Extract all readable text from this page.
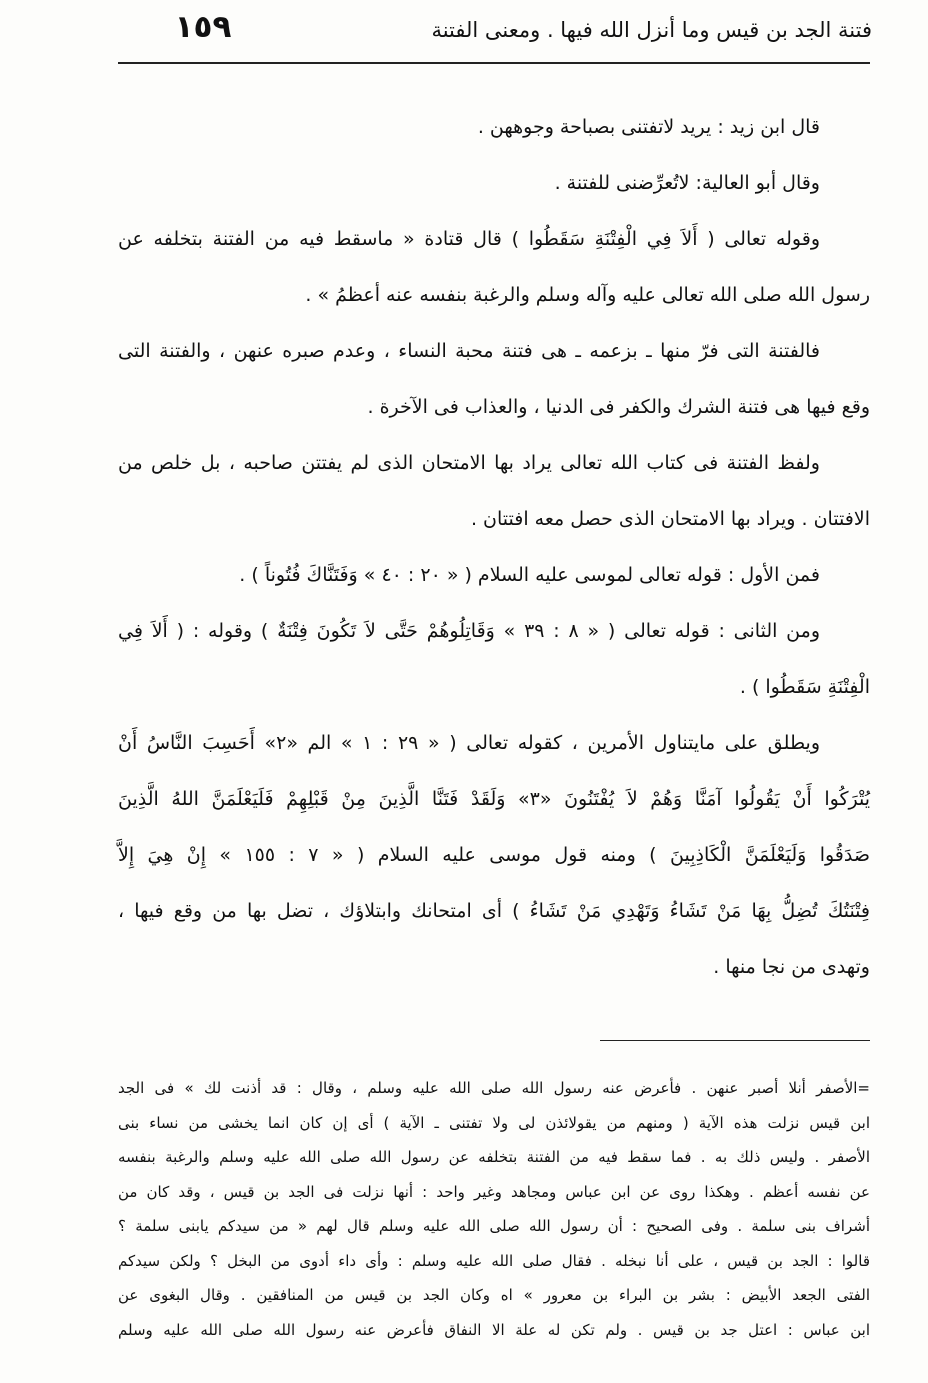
فتنة الجد بن قيس وما أنزل الله فيها . ومعنى الفتنة
١٥٩

قال ابن زيد : يريد لاتفتنى بصباحة وجوههن .

وقال أبو العالية: لاتُعرِّضنى للفتنة .

وقوله تعالى ( أَلاَ فِي الْفِتْنَةِ سَقَطُوا ) قال قتادة « ماسقط فيه من الفتنة بتخلفه عن
رسول الله صلى الله تعالى عليه وآله وسلم والرغبة بنفسه عنه أعظمُ » .

فالفتنة التى فرّ منها ـ بزعمه ـ هى فتنة محبة النساء ، وعدم صبره عنهن ، والفتنة التى
وقع فيها هى فتنة الشرك والكفر فى الدنيا ، والعذاب فى الآخرة .

ولفظ الفتنة فى كتاب الله تعالى يراد بها الامتحان الذى لم يفتتن صاحبه ، بل خلص من
الافتتان . ويراد بها الامتحان الذى حصل معه افتتان .

فمن الأول : قوله تعالى لموسى عليه السلام ( « ٢٠ : ٤٠ » وَفَتَنَّاكَ فُتُوناً ) .

ومن الثانى : قوله تعالى ( « ٨ : ٣٩ » وَقَاتِلُوهُمْ حَتَّى لاَ تَكُونَ فِتْنَةٌ ) وقوله : ( أَلاَ فِي
الْفِتْنَةِ سَقَطُوا ) .

ويطلق على مايتناول الأمرين ، كقوله تعالى ( « ٢٩ : ١ » الم «٢» أَحَسِبَ النَّاسُ أَنْ
يُتْرَكُوا أَنْ يَقُولُوا آمَنَّا وَهُمْ لاَ يُفْتَنُونَ «٣» وَلَقَدْ فَتَنَّا الَّذِينَ مِنْ قَبْلِهِمْ فَلَيَعْلَمَنَّ اللهُ الَّذِينَ
صَدَقُوا وَلَيَعْلَمَنَّ الْكَاذِبِينَ ) ومنه قول موسى عليه السلام ( « ٧ : ١٥٥ » إِنْ هِيَ إِلاَّ
فِتْنَتُكَ تُضِلُّ بِهَا مَنْ تَشَاءُ وَتَهْدِي مَنْ تَشَاءُ ) أى امتحانك وابتلاؤك ، تضل بها من وقع فيها ،
وتهدى من نجا منها .

=الأصفر أنلا أصبر عنهن . فأعرض عنه رسول الله صلى الله عليه وسلم ، وقال : قد أذنت لك » فى الجد
ابن قيس نزلت هذه الآية ( ومنهم من يقولائذن لى ولا تفتنى ـ الآية ) أى إن كان انما يخشى من نساء بنى
الأصفر . وليس ذلك به . فما سقط فيه من الفتنة بتخلفه عن رسول الله صلى الله عليه وسلم والرغبة بنفسه
عن نفسه أعظم . وهكذا روى عن ابن عباس ومجاهد وغير واحد : أنها نزلت فى الجد بن قيس ، وقد كان من
أشراف بنى سلمة . وفى الصحيح : أن رسول الله صلى الله عليه وسلم قال لهم « من سيدكم يابنى سلمة ؟
قالوا : الجد بن قيس ، على أنا نبخله . فقال صلى الله عليه وسلم : وأى داء أدوى من البخل ؟ ولكن سيدكم
الفتى الجعد الأبيض : بشر بن البراء بن معرور » اه وكان الجد بن قيس من المنافقين . وقال البغوى عن
ابن عباس : اعتل جد بن قيس . ولم تكن له علة الا النفاق فأعرض عنه رسول الله صلى الله عليه وسلم
